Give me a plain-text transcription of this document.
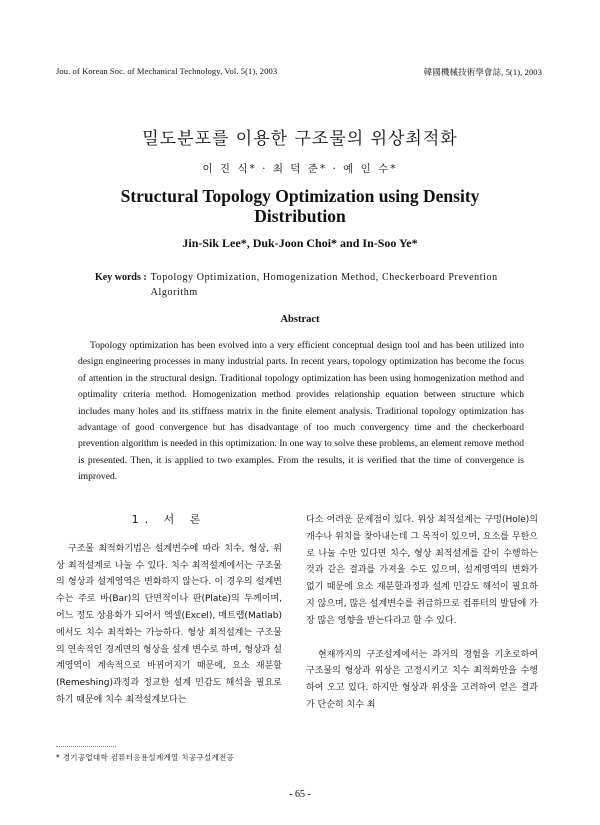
Jou. of Korean Soc. of Mechanical Technology, Vol. 5(1), 2003	韓國機械技術學會誌, 5(1), 2003
밀도분포를 이용한 구조물의 위상최적화
이 진 식* · 최 덕 준* · 예 인 수*
Structural Topology Optimization using Density Distribution
Jin-Sik Lee*, Duk-Joon Choi* and In-Soo Ye*
Key words : Topology Optimization, Homogenization Method, Checkerboard Prevention Algorithm
Abstract
Topology optimization has been evolved into a very efficient conceptual design tool and has been utilized into design engineering processes in many industrial parts. In recent years, topology optimization has become the focus of attention in the structural design. Traditional topology optimization has been using homogenization method and optimality criteria method. Homogenization method provides relationship equation between structure which includes many holes and its stiffness matrix in the finite element analysis. Traditional topology optimization has advantage of good convergence but has disadvantage of too much convergency time and the checkerboard prevention algorithm is needed in this optimization. In one way to solve these problems, an element remove method is presented. Then, it is applied to two examples. From the results, it is verified that the time of convergence is improved.
1. 서 론

구조물 최적화기법은 설계변수에 따라 치수, 형상, 위상 최적설계로 나눌 수 있다. 치수 최적설계에서는 구조물의 형상과 설계영역은 변화하지 않는다. 이 경우의 설계변수는 주로 바(Bar)의 단면적이나 판(Plate)의 두께이며, 어느 정도 상용화가 되어서 엑셀(Excel), 매트랩(Matlab)에서도 치수 최적화는 가능하다. 형상 최적설계는 구조물의 연속적인 경계면의 형상을 설계 변수로 하며, 형상과 설계영역이 계속적으로 바뀌어지기 때문에, 요소 재분할(Remeshing)과정과 정교한 설계 민감도 해석을 필요로 하기 때문에 치수 최적설계보다는

다소 어려운 문제점이 있다. 위상 최적설계는 구멍(Hole)의 개수나 위치를 찾아내는데 그 목적이 있으며, 요소를 무한으로 나눌 수만 있다면 치수, 형상 최적설계를 같이 수행하는 것과 같은 결과를 가져올 수도 있으며, 설계영역의 변화가 없기 때문에 요소 재분할과정과 설계 민감도 해석이 필요하지 않으며, 많은 설계변수를 취급하므로 컴퓨터의 발달에 가장 많은 영향을 받는다라고 할 수 있다.

현재까지의 구조설계에서는 과거의 경험을 기초로하여 구조물의 형상과 위상은 고정시키고 치수 최적화만을 수행하여 오고 있다. 하지만 형상과 위상을 고려하여 얻은 결과가 단순히 치수 최

* 경기공업대학 컴퓨터응용설계계열 치공구설계전공
- 65 -
